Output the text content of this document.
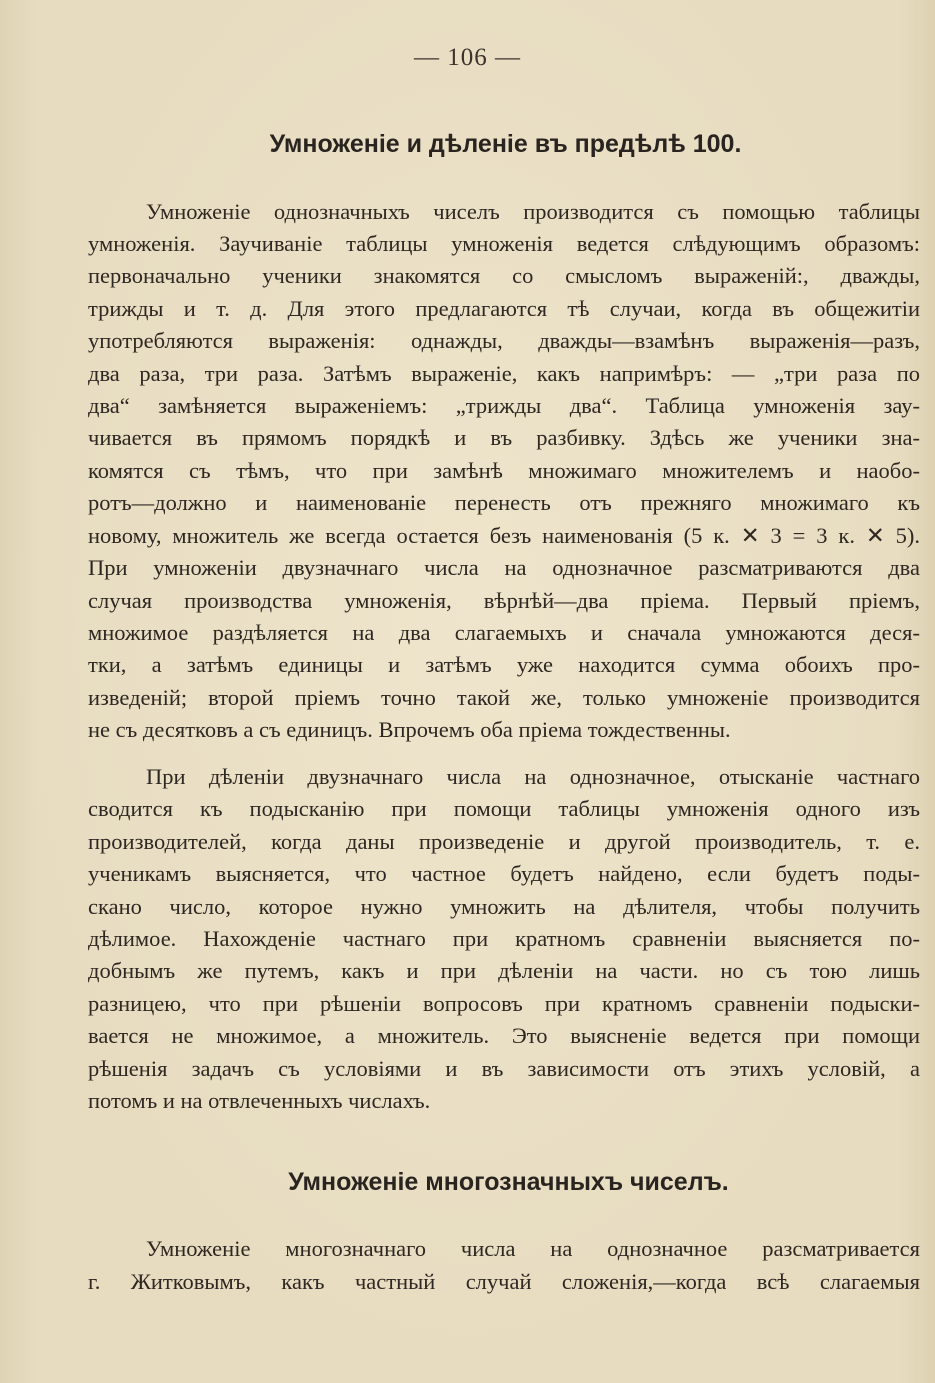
— 106 —
Умноженіе и дѣленіе въ предѣлѣ 100.
Умноженіе однозначныхъ чиселъ производится съ помощью таблицы
умноженія. Заучиваніе таблицы умноженія ведется слѣдующимъ образомъ:
первоначально ученики знакомятся со смысломъ выраженій:, дважды,
трижды и т. д. Для этого предлагаются тѣ случаи, когда въ общежитіи
употребляются выраженія: однажды, дважды—взамѣнъ выраженія—разъ,
два раза, три раза. Затѣмъ выраженіе, какъ напримѣръ: — „три раза по
два“ замѣняется выраженіемъ: „трижды два“. Таблица умноженія зау-
чивается въ прямомъ порядкѣ и въ разбивку. Здѣсь же ученики зна-
комятся съ тѣмъ, что при замѣнѣ множимаго множителемъ и наобо-
ротъ—должно и наименованіе перенесть отъ прежняго множимаго къ
новому, множитель же всегда остается безъ наименованія (5 к. ✕ 3 = 3 к. ✕ 5).
При умноженіи двузначнаго числа на однозначное разсматриваются два
случая производства умноженія, вѣрнѣй—два пріема. Первый пріемъ,
множимое раздѣляется на два слагаемыхъ и сначала умножаются деся-
тки, а затѣмъ единицы и затѣмъ уже находится сумма обоихъ про-
изведеній; второй пріемъ точно такой же, только умноженіе производится
не съ десятковъ а съ единицъ. Впрочемъ оба пріема тождественны.
При дѣленіи двузначнаго числа на однозначное, отысканіе частнаго
сводится къ подысканію при помощи таблицы умноженія одного изъ
производителей, когда даны произведеніе и другой производитель, т. е.
ученикамъ выясняется, что частное будетъ найдено, если будетъ поды-
скано число, которое нужно умножить на дѣлителя, чтобы получить
дѣлимое. Нахожденіе частнаго при кратномъ сравненіи выясняется по-
добнымъ же путемъ, какъ и при дѣленіи на части. но съ тою лишь
разницею, что при рѣшеніи вопросовъ при кратномъ сравненіи подыски-
вается не множимое, а множитель. Это выясненіе ведется при помощи
рѣшенія задачъ съ условіями и въ зависимости отъ этихъ условій, а
потомъ и на отвлеченныхъ числахъ.
Умноженіе многозначныхъ чиселъ.
Умноженіе многозначнаго числа на однозначное разсматривается
г. Житковымъ, какъ частный случай сложенія,—когда всѣ слагаемыя
